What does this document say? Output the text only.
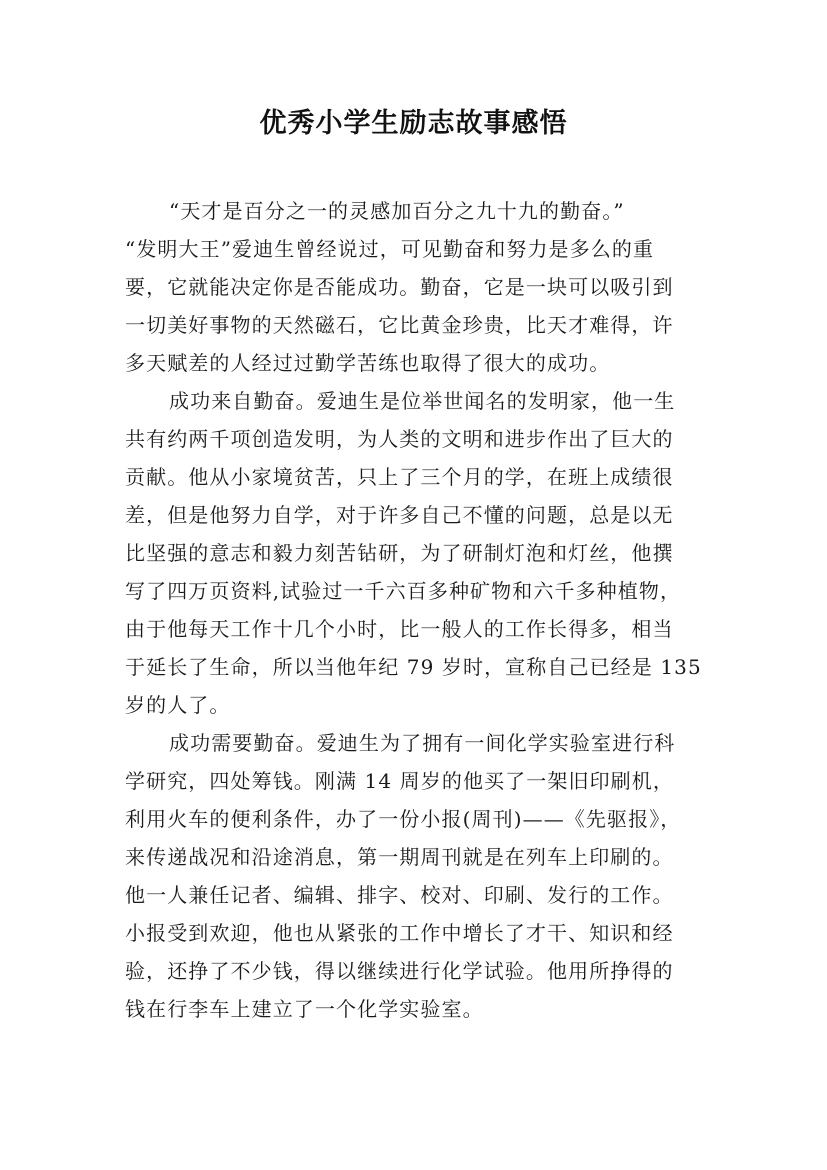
优秀小学生励志故事感悟
“天才是百分之一的灵感加百分之九十九的勤奋。”
“发明大王”爱迪生曾经说过，可见勤奋和努力是多么的重
要，它就能决定你是否能成功。勤奋，它是一块可以吸引到
一切美好事物的天然磁石，它比黄金珍贵，比天才难得，许
多天赋差的人经过过勤学苦练也取得了很大的成功。
成功来自勤奋。爱迪生是位举世闻名的发明家，他一生
共有约两千项创造发明，为人类的文明和进步作出了巨大的
贡献。他从小家境贫苦，只上了三个月的学，在班上成绩很
差，但是他努力自学，对于许多自己不懂的问题，总是以无
比坚强的意志和毅力刻苦钻研，为了研制灯泡和灯丝，他撰
写了四万页资料,试验过一千六百多种矿物和六千多种植物，
由于他每天工作十几个小时，比一般人的工作长得多，相当
于延长了生命，所以当他年纪 79 岁时，宣称自己已经是 135
岁的人了。
成功需要勤奋。爱迪生为了拥有一间化学实验室进行科
学研究，四处筹钱。刚满 14 周岁的他买了一架旧印刷机，
利用火车的便利条件，办了一份小报(周刊)——《先驱报》，
来传递战况和沿途消息，第一期周刊就是在列车上印刷的。
他一人兼任记者、编辑、排字、校对、印刷、发行的工作。
小报受到欢迎，他也从紧张的工作中增长了才干、知识和经
验，还挣了不少钱，得以继续进行化学试验。他用所挣得的
钱在行李车上建立了一个化学实验室。
